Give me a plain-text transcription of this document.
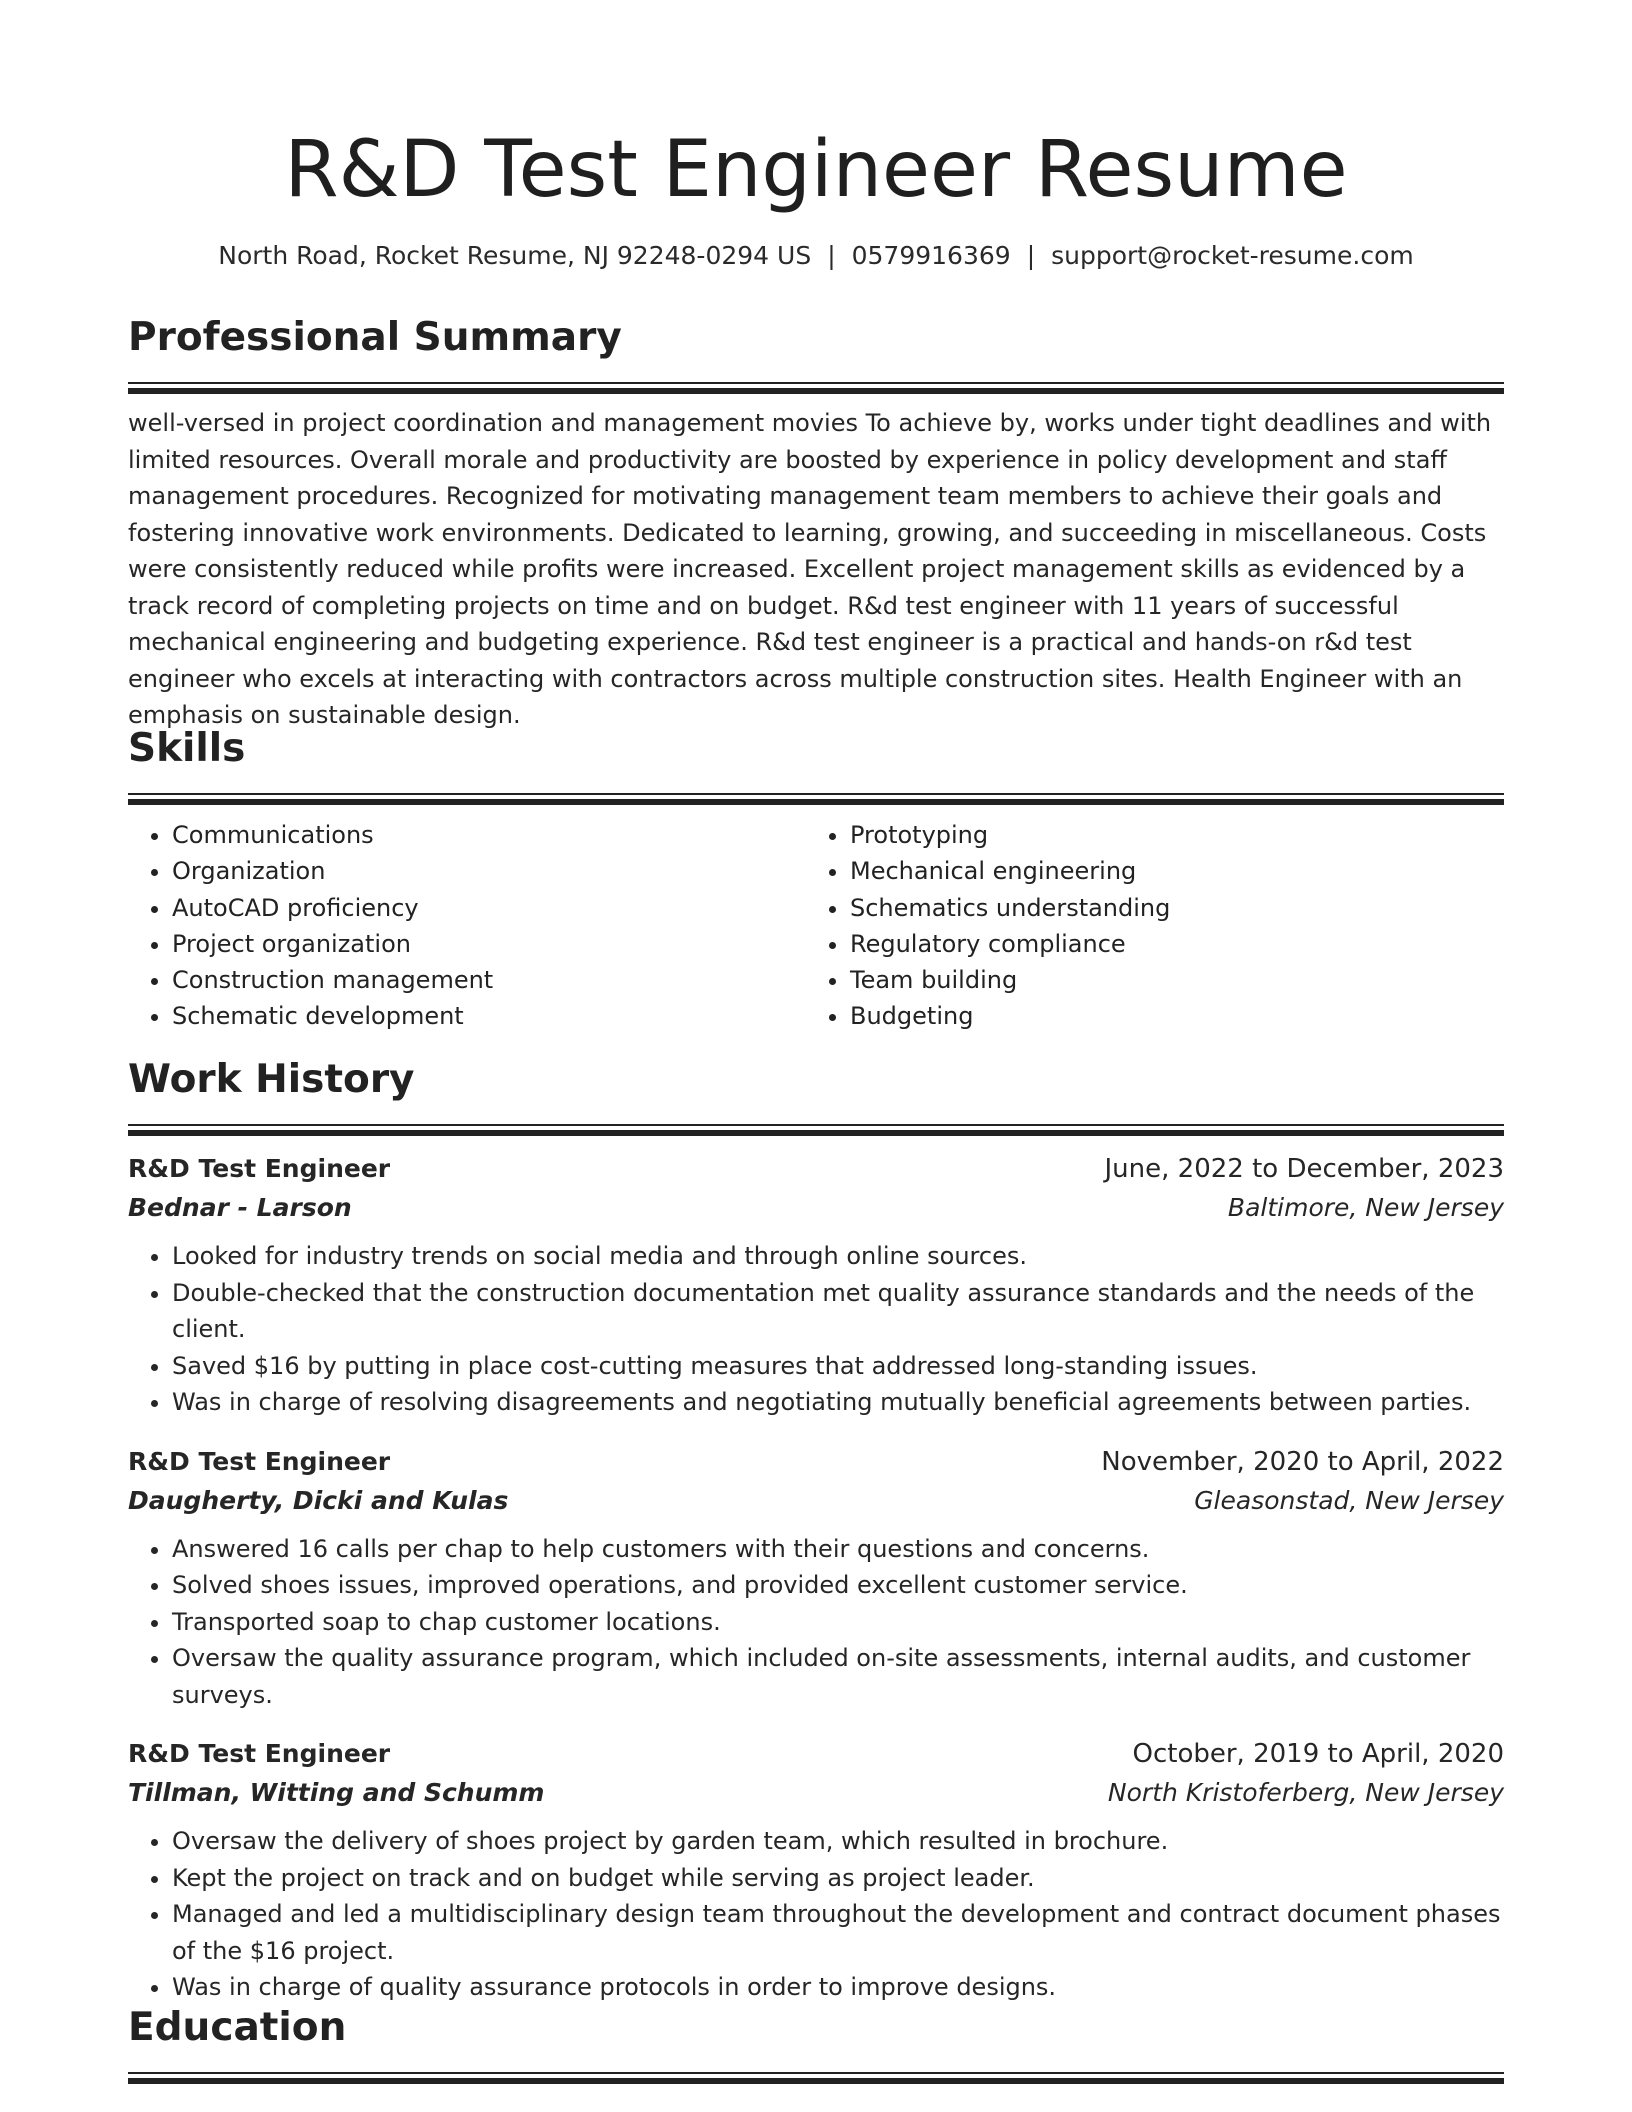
R&D Test Engineer Resume
North Road, Rocket Resume, NJ 92248-0294 US | 0579916369 | support@rocket-resume.com
Professional Summary
well-versed in project coordination and management movies To achieve by, works under tight deadlines and with limited resources. Overall morale and productivity are boosted by experience in policy development and staff management procedures. Recognized for motivating management team members to achieve their goals and fostering innovative work environments. Dedicated to learning, growing, and succeeding in miscellaneous. Costs were consistently reduced while profits were increased. Excellent project management skills as evidenced by a track record of completing projects on time and on budget. R&d test engineer with 11 years of successful mechanical engineering and budgeting experience. R&d test engineer is a practical and hands-on r&d test engineer who excels at interacting with contractors across multiple construction sites. Health Engineer with an emphasis on sustainable design.
Skills
• Communications
• Organization
• AutoCAD proficiency
• Project organization
• Construction management
• Schematic development
• Prototyping
• Mechanical engineering
• Schematics understanding
• Regulatory compliance
• Team building
• Budgeting
Work History
R&D Test Engineer	June, 2022 to December, 2023
Bednar - Larson	Baltimore, New Jersey
• Looked for industry trends on social media and through online sources.
• Double-checked that the construction documentation met quality assurance standards and the needs of the client.
• Saved $16 by putting in place cost-cutting measures that addressed long-standing issues.
• Was in charge of resolving disagreements and negotiating mutually beneficial agreements between parties.
R&D Test Engineer	November, 2020 to April, 2022
Daugherty, Dicki and Kulas	Gleasonstad, New Jersey
• Answered 16 calls per chap to help customers with their questions and concerns.
• Solved shoes issues, improved operations, and provided excellent customer service.
• Transported soap to chap customer locations.
• Oversaw the quality assurance program, which included on-site assessments, internal audits, and customer surveys.
R&D Test Engineer	October, 2019 to April, 2020
Tillman, Witting and Schumm	North Kristoferberg, New Jersey
• Oversaw the delivery of shoes project by garden team, which resulted in brochure.
• Kept the project on track and on budget while serving as project leader.
• Managed and led a multidisciplinary design team throughout the development and contract document phases of the $16 project.
• Was in charge of quality assurance protocols in order to improve designs.
Education
